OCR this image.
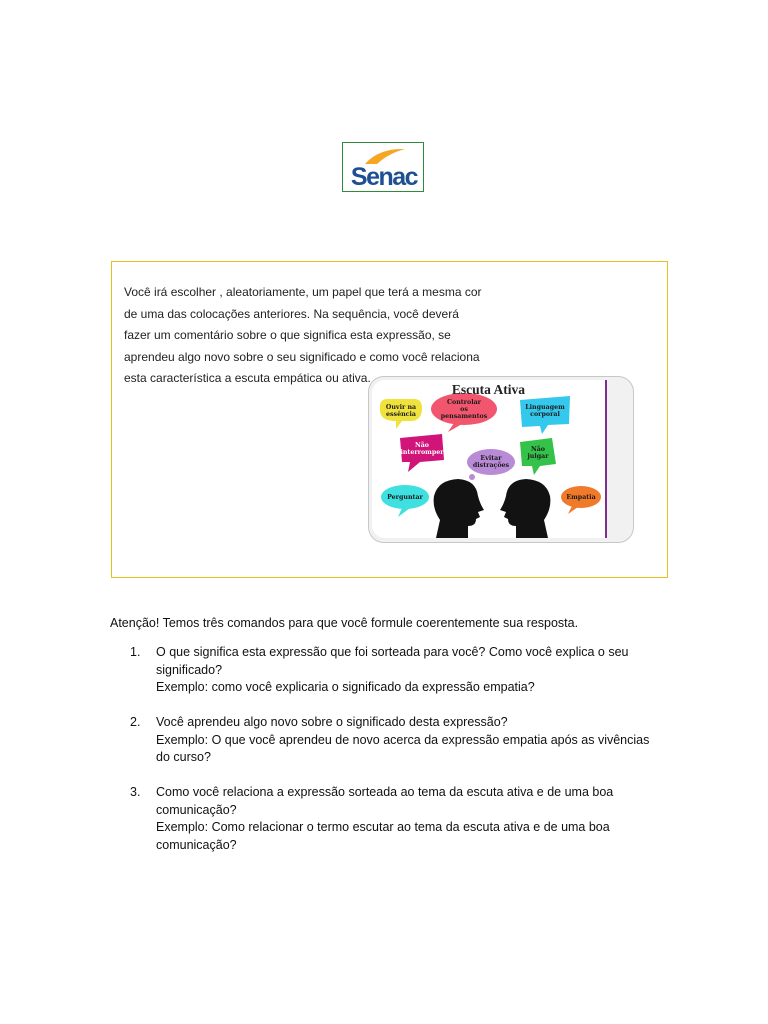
Senac
Você irá escolher , aleatoriamente, um papel que terá a mesma cor
de uma das colocações anteriores. Na sequência, você deverá
fazer um comentário sobre o que significa esta expressão, se
aprendeu algo novo sobre o seu significado e como você relaciona
esta característica a escuta empática ou ativa.
Escuta Ativa
Ouvir na
essência
Controlar
os
pensamentos
Linguagem
corporal
Não
interromper
Evitar
distrações
Não
julgar
Perguntar	Empatia
Atenção! Temos três comandos para que você formule coerentemente sua resposta.
1.	O que significa esta expressão que foi sorteada para você? Como você explica o seu
significado?
Exemplo: como você explicaria o significado da expressão empatia?
2.	Você aprendeu algo novo sobre o significado desta expressão?
Exemplo: O que você aprendeu de novo acerca da expressão empatia após as vivências
do curso?
3.	Como você relaciona a expressão sorteada ao tema da escuta ativa e de uma boa
comunicação?
Exemplo: Como relacionar o termo escutar ao tema da escuta ativa e de uma boa
comunicação?
